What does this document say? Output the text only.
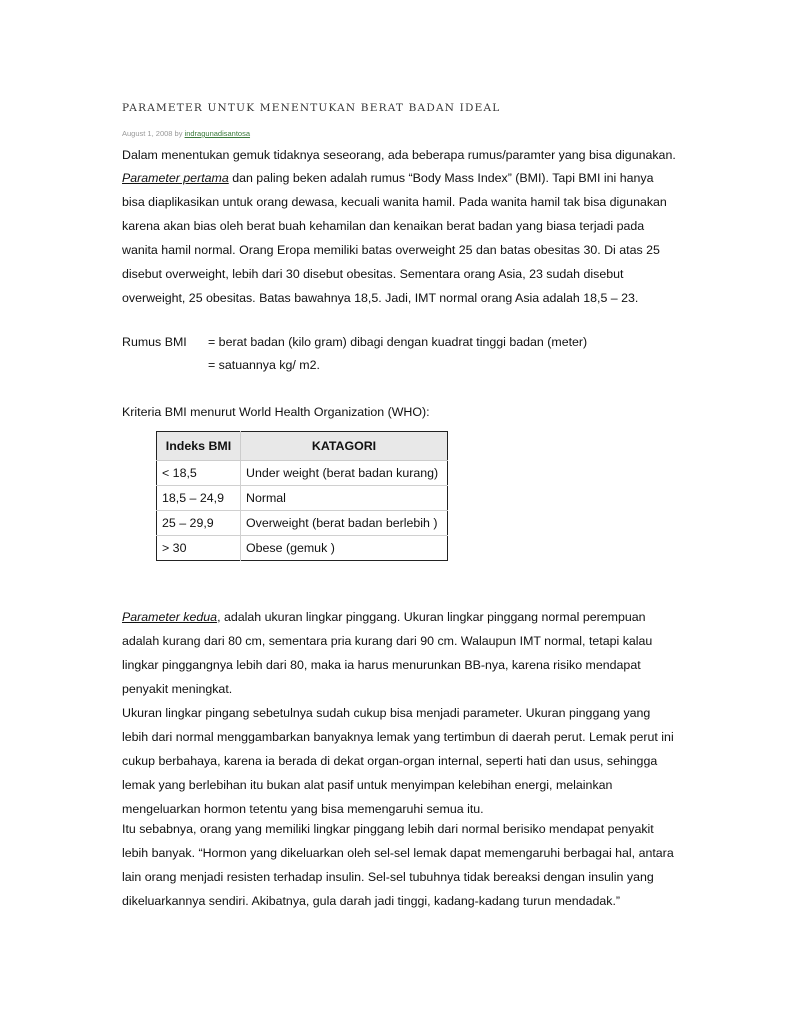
PARAMETER UNTUK MENENTUKAN BERAT BADAN IDEAL
August 1, 2008 by indragunadisantosa
Dalam menentukan gemuk tidaknya seseorang, ada beberapa rumus/paramter yang bisa digunakan.
Parameter pertama dan paling beken adalah rumus “Body Mass Index” (BMI). Tapi BMI ini hanya
bisa diaplikasikan untuk orang dewasa, kecuali wanita hamil. Pada wanita hamil tak bisa digunakan
karena akan bias oleh berat buah kehamilan dan kenaikan berat badan yang biasa terjadi pada
wanita hamil normal. Orang Eropa memiliki batas overweight 25 dan batas obesitas 30. Di atas 25
disebut overweight, lebih dari 30 disebut obesitas. Sementara orang Asia, 23 sudah disebut
overweight, 25 obesitas. Batas bawahnya 18,5. Jadi, IMT normal orang Asia adalah 18,5 – 23.
Rumus BMI	= berat badan (kilo gram) dibagi dengan kuadrat tinggi badan (meter)
= satuannya kg/ m2.
Kriteria BMI menurut World Health Organization (WHO):
Indeks BMI	KATAGORI
< 18,5	Under weight (berat badan kurang)
18,5 – 24,9	Normal
25 – 29,9	Overweight (berat badan berlebih )
> 30	Obese (gemuk )
Parameter kedua, adalah ukuran lingkar pinggang. Ukuran lingkar pinggang normal perempuan
adalah kurang dari 80 cm, sementara pria kurang dari 90 cm. Walaupun IMT normal, tetapi kalau
lingkar pinggangnya lebih dari 80, maka ia harus menurunkan BB-nya, karena risiko mendapat
penyakit meningkat.
Ukuran lingkar pingang sebetulnya sudah cukup bisa menjadi parameter. Ukuran pinggang yang
lebih dari normal menggambarkan banyaknya lemak yang tertimbun di daerah perut. Lemak perut ini
cukup berbahaya, karena ia berada di dekat organ-organ internal, seperti hati dan usus, sehingga
lemak yang berlebihan itu bukan alat pasif untuk menyimpan kelebihan energi, melainkan
mengeluarkan hormon tetentu yang bisa memengaruhi semua itu.
Itu sebabnya, orang yang memiliki lingkar pinggang lebih dari normal berisiko mendapat penyakit
lebih banyak. “Hormon yang dikeluarkan oleh sel-sel lemak dapat memengaruhi berbagai hal, antara
lain orang menjadi resisten terhadap insulin. Sel-sel tubuhnya tidak bereaksi dengan insulin yang
dikeluarkannya sendiri. Akibatnya, gula darah jadi tinggi, kadang-kadang turun mendadak.”
